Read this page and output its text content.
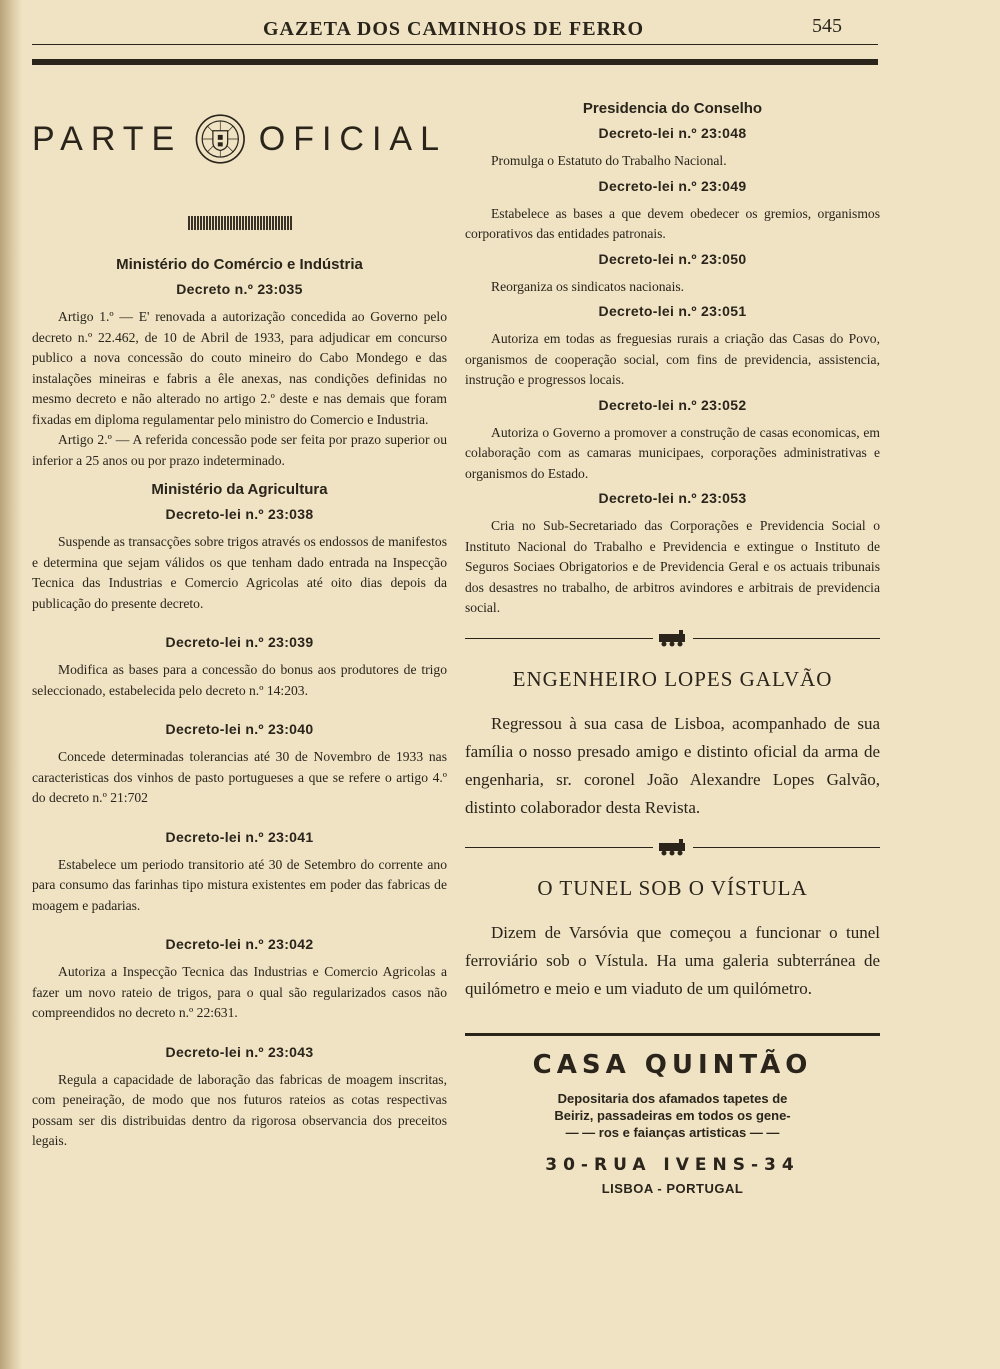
GAZETA DOS CAMINHOS DE FERRO	545
PARTE OFICIAL
Ministério do Comércio e Indústria
Decreto n.º 23:035

Artigo 1.º — E' renovada a autorização concedida ao Governo pelo decreto n.º 22.462, de 10 de Abril de 1933, para adjudicar em concurso publico a nova concessão do couto mineiro do Cabo Mondego e das instalações mineiras e fabris a êle anexas, nas condições definidas no mesmo decreto e não alterado no artigo 2.º deste e nas demais que foram fixadas em diploma regulamentar pelo ministro do Comercio e Industria.

Artigo 2.º — A referida concessão pode ser feita por prazo superior ou inferior a 25 anos ou por prazo indeterminado.

Ministério da Agricultura
Decreto-lei n.º 23:038

Suspende as transacções sobre trigos através os endossos de manifestos e determina que sejam válidos os que tenham dado entrada na Inspecção Tecnica das Industrias e Comercio Agricolas até oito dias depois da publicação do presente decreto.

Decreto-lei n.º 23:039

Modifica as bases para a concessão do bonus aos produtores de trigo seleccionado, estabelecida pelo decreto n.º 14:203.

Decreto-lei n.º 23:040

Concede determinadas tolerancias até 30 de Novembro de 1933 nas caracteristicas dos vinhos de pasto portugueses a que se refere o artigo 4.º do decreto n.º 21:702

Decreto-lei n.º 23:041

Estabelece um periodo transitorio até 30 de Setembro do corrente ano para consumo das farinhas tipo mistura existentes em poder das fabricas de moagem e padarias.

Decreto-lei n.º 23:042

Autoriza a Inspecção Tecnica das Industrias e Comercio Agricolas a fazer um novo rateio de trigos, para o qual são regularizados casos não compreendidos no decreto n.º 22:631.

Decreto-lei n.º 23:043

Regula a capacidade de laboração das fabricas de moagem inscritas, com peneiração, de modo que nos futuros rateios as cotas respectivas possam ser dis distribuidas dentro da rigorosa observancia dos preceitos legais.

Presidencia do Conselho
Decreto-lei n.º 23:048

Promulga o Estatuto do Trabalho Nacional.

Decreto-lei n.º 23:049

Estabelece as bases a que devem obedecer os gremios, organismos corporativos das entidades patronais.

Decreto-lei n.º 23:050

Reorganiza os sindicatos nacionais.

Decreto-lei n.º 23:051

Autoriza em todas as freguesias rurais a criação das Casas do Povo, organismos de cooperação social, com fins de previdencia, assistencia, instrução e progressos locais.

Decreto-lei n.º 23:052

Autoriza o Governo a promover a construção de casas economicas, em colaboração com as camaras municipaes, corporações administrativas e organismos do Estado.

Decreto-lei n.º 23:053

Cria no Sub-Secretariado das Corporações e Previdencia Social o Instituto Nacional do Trabalho e Previdencia e extingue o Instituto de Seguros Sociaes Obrigatorios e de Previdencia Geral e os actuais tribunais dos desastres no trabalho, de arbitros avindores e arbitrais de previdencia social.

ENGENHEIRO LOPES GALVÃO

Regressou à sua casa de Lisboa, acompanhado de sua família o nosso presado amigo e distinto oficial da arma de engenharia, sr. coronel João Alexandre Lopes Galvão, distinto colaborador desta Revista.

O TUNEL SOB O VÍSTULA

Dizem de Varsóvia que começou a funcionar o tunel ferroviário sob o Vístula. Ha uma galeria subterránea de quilómetro e meio e um viaduto de um quilómetro.

CASA QUINTÃO
Depositaria dos afamados tapetes de
Beiriz, passadeiras em todos os gene-
— — ros e faianças artisticas — —
30-RUA IVENS-34
LISBOA - PORTUGAL
